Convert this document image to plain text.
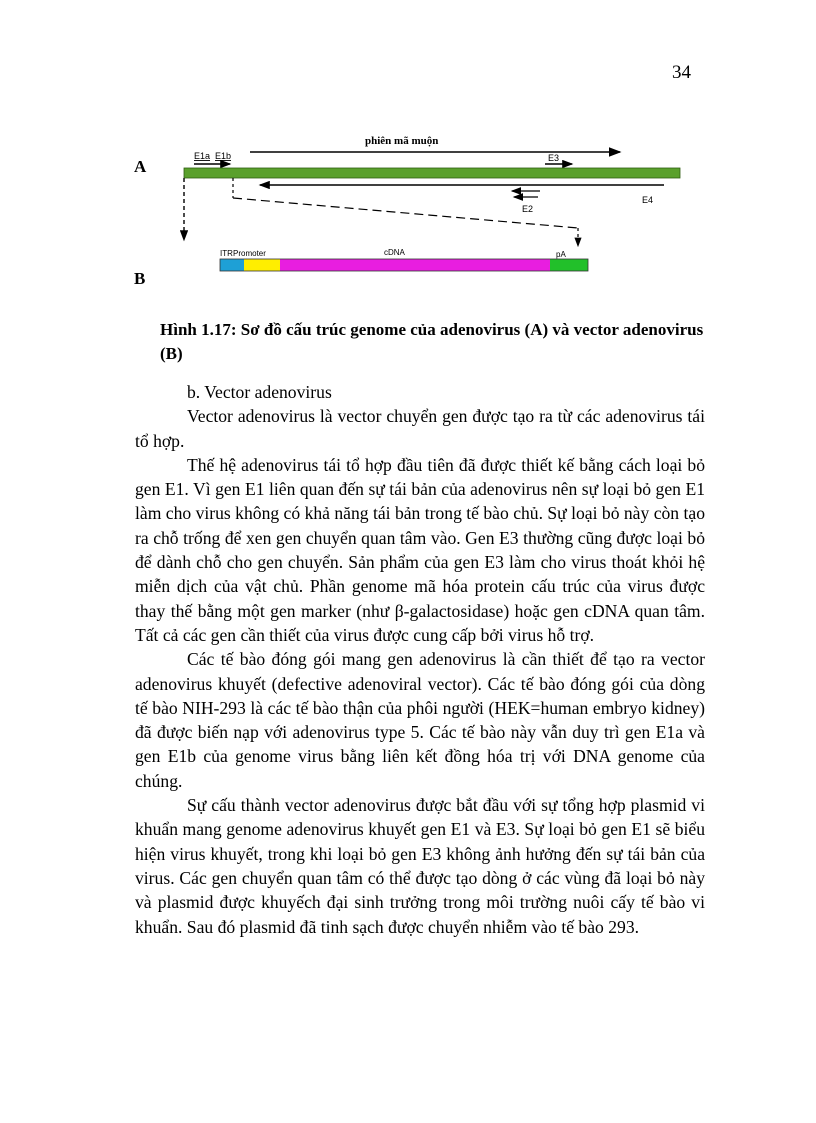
34
A
B
phiên mã muộn
E1a E1b	E3
E4
E2
ITR Promoter	cDNA	pA
Hình 1.17: Sơ đồ cấu trúc genome của adenovirus (A) và vector adenovirus (B)

b. Vector adenovirus

Vector adenovirus là vector chuyển gen được tạo ra từ các adenovirus tái tổ hợp.

Thế hệ adenovirus tái tổ hợp đầu tiên đã được thiết kế bằng cách loại bỏ gen E1. Vì gen E1 liên quan đến sự tái bản của adenovirus nên sự loại bỏ gen E1 làm cho virus không có khả năng tái bản trong tế bào chủ. Sự loại bỏ này còn tạo ra chỗ trống để xen gen chuyển quan tâm vào. Gen E3 thường cũng được loại bỏ để dành chỗ cho gen chuyển. Sản phẩm của gen E3 làm cho virus thoát khỏi hệ miễn dịch của vật chủ. Phần genome mã hóa protein cấu trúc của virus được thay thế bằng một gen marker (như β-galactosidase) hoặc gen cDNA quan tâm. Tất cả các gen cần thiết của virus được cung cấp bởi virus hỗ trợ.

Các tế bào đóng gói mang gen adenovirus là cần thiết để tạo ra vector adenovirus khuyết (defective adenoviral vector). Các tế bào đóng gói của dòng tế bào NIH-293 là các tế bào thận của phôi người (HEK=human embryo kidney) đã được biến nạp với adenovirus type 5. Các tế bào này vẫn duy trì gen E1a và gen E1b của genome virus bằng liên kết đồng hóa trị với DNA genome của chúng.

Sự cấu thành vector adenovirus được bắt đầu với sự tổng hợp plasmid vi khuẩn mang genome adenovirus khuyết gen E1 và E3. Sự loại bỏ gen E1 sẽ biểu hiện virus khuyết, trong khi loại bỏ gen E3 không ảnh hưởng đến sự tái bản của virus. Các gen chuyển quan tâm có thể được tạo dòng ở các vùng đã loại bỏ này và plasmid được khuyếch đại sinh trưởng trong môi trường nuôi cấy tế bào vi khuẩn. Sau đó plasmid đã tinh sạch được chuyển nhiễm vào tế bào 293.
